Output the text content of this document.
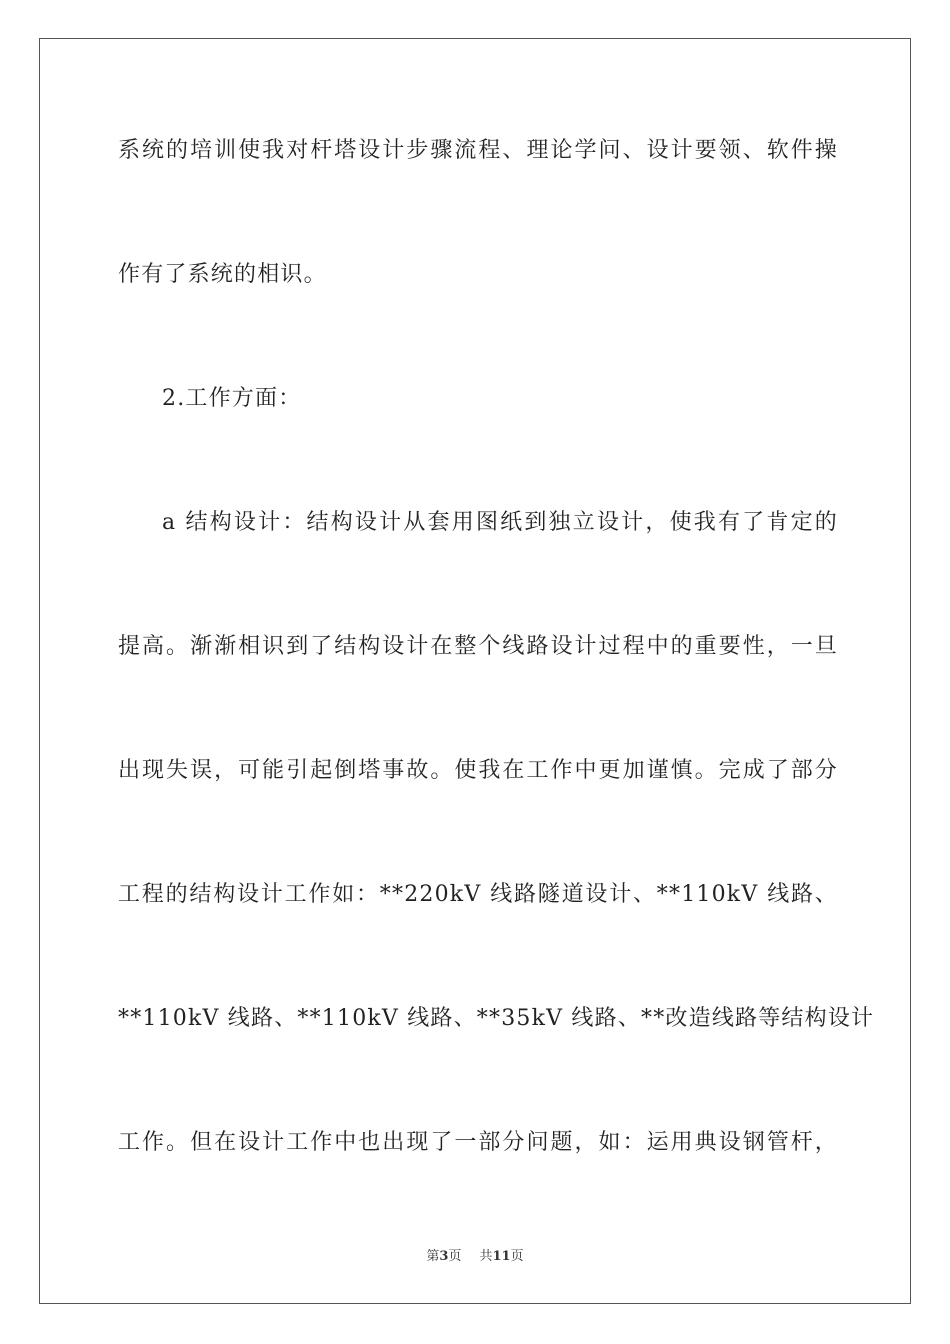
系统的培训使我对杆塔设计步骤流程、理论学问、设计要领、软件操
作有了系统的相识。
2.工作方面：
a 结构设计：结构设计从套用图纸到独立设计，使我有了肯定的
提高。渐渐相识到了结构设计在整个线路设计过程中的重要性，一旦
出现失误，可能引起倒塔事故。使我在工作中更加谨慎。完成了部分
工程的结构设计工作如：**220kV 线路隧道设计、**110kV 线路、
**110kV 线路、**110kV 线路、**35kV 线路、**改造线路等结构设计
工作。但在设计工作中也出现了一部分问题，如：运用典设钢管杆，
第3页 共11页
